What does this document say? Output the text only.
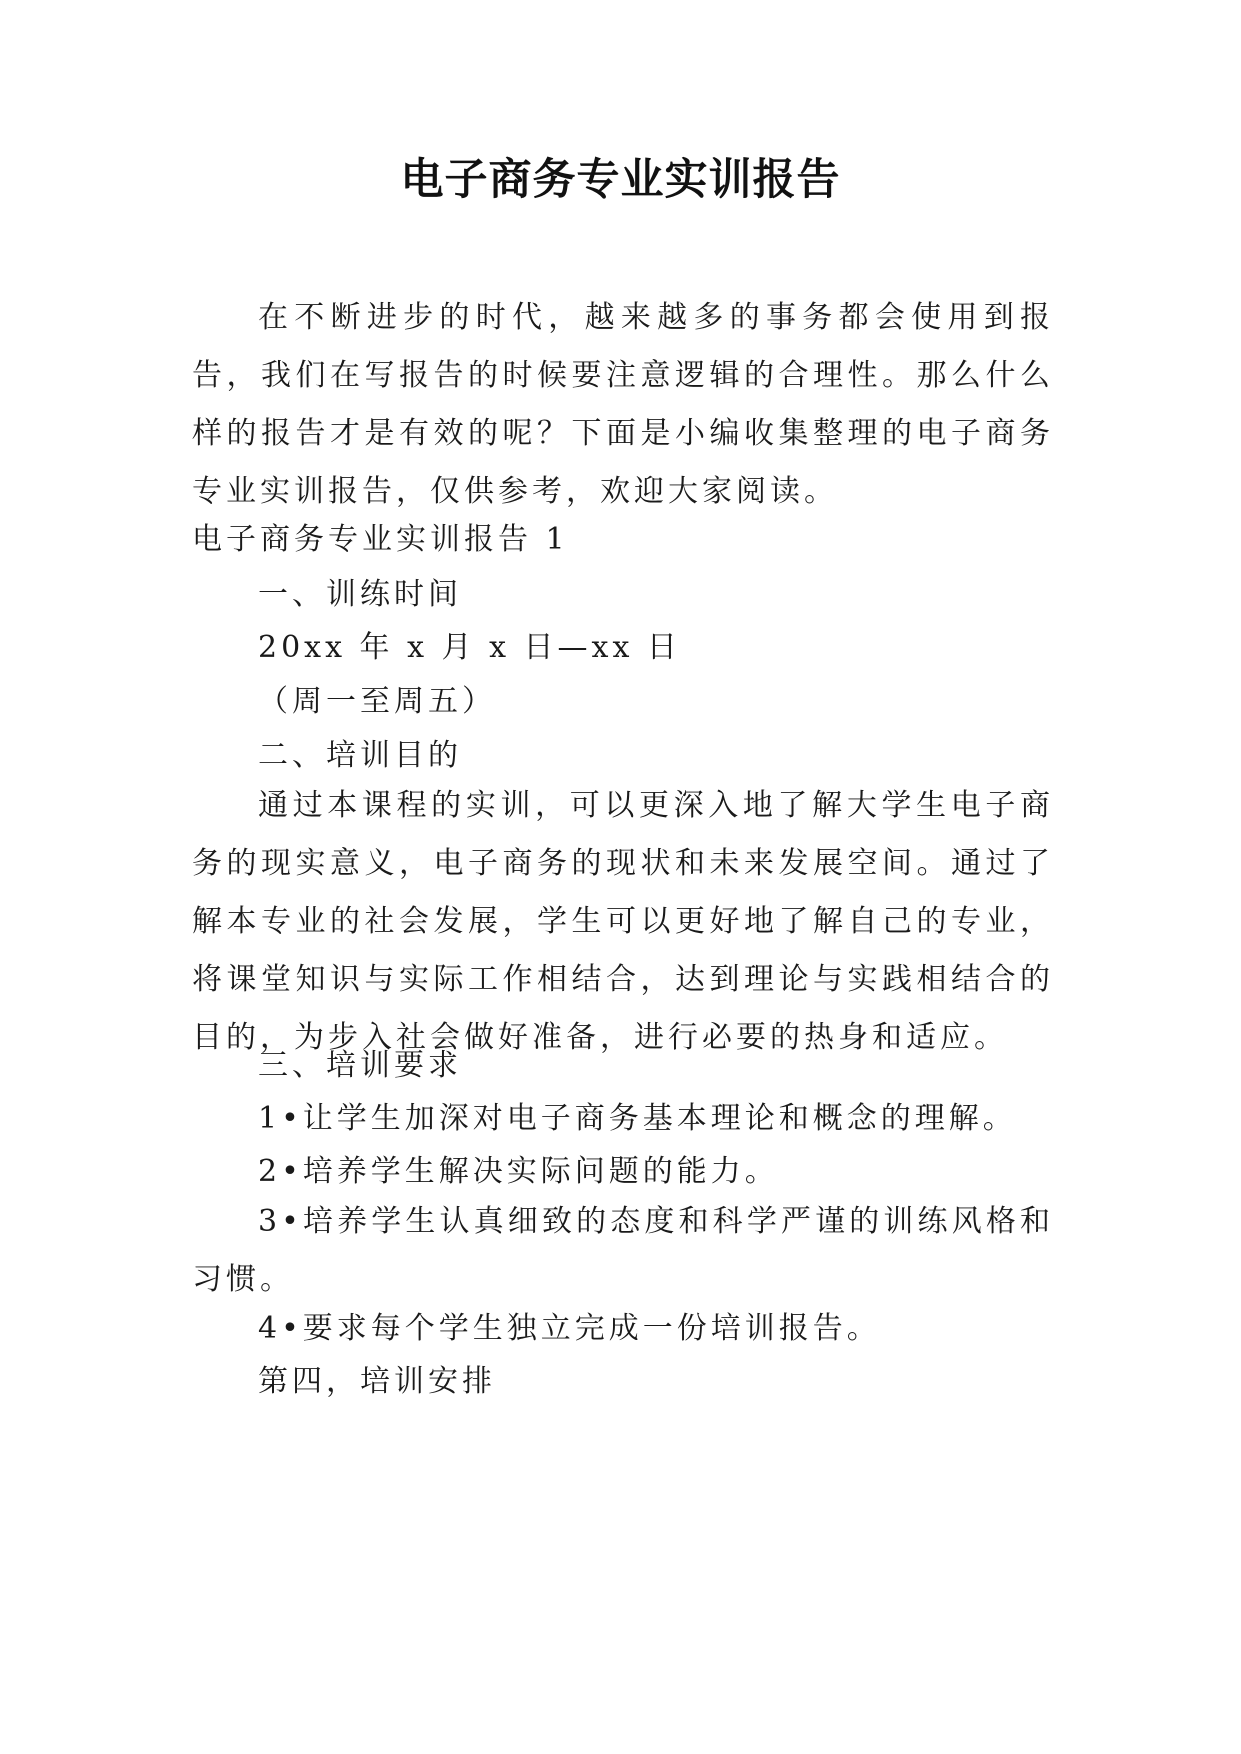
电子商务专业实训报告
在不断进步的时代，越来越多的事务都会使用到报告，我们在写报告的时候要注意逻辑的合理性。那么什么样的报告才是有效的呢？下面是小编收集整理的电子商务专业实训报告，仅供参考，欢迎大家阅读。
电子商务专业实训报告 1
一、训练时间
20xx 年 x 月 x 日—xx 日
（周一至周五）
二、培训目的
通过本课程的实训，可以更深入地了解大学生电子商务的现实意义，电子商务的现状和未来发展空间。通过了解本专业的社会发展，学生可以更好地了解自己的专业，将课堂知识与实际工作相结合，达到理论与实践相结合的目的，为步入社会做好准备，进行必要的热身和适应。
三、培训要求
1•让学生加深对电子商务基本理论和概念的理解。
2•培养学生解决实际问题的能力。
3•培养学生认真细致的态度和科学严谨的训练风格和习惯。
4•要求每个学生独立完成一份培训报告。
第四，培训安排
